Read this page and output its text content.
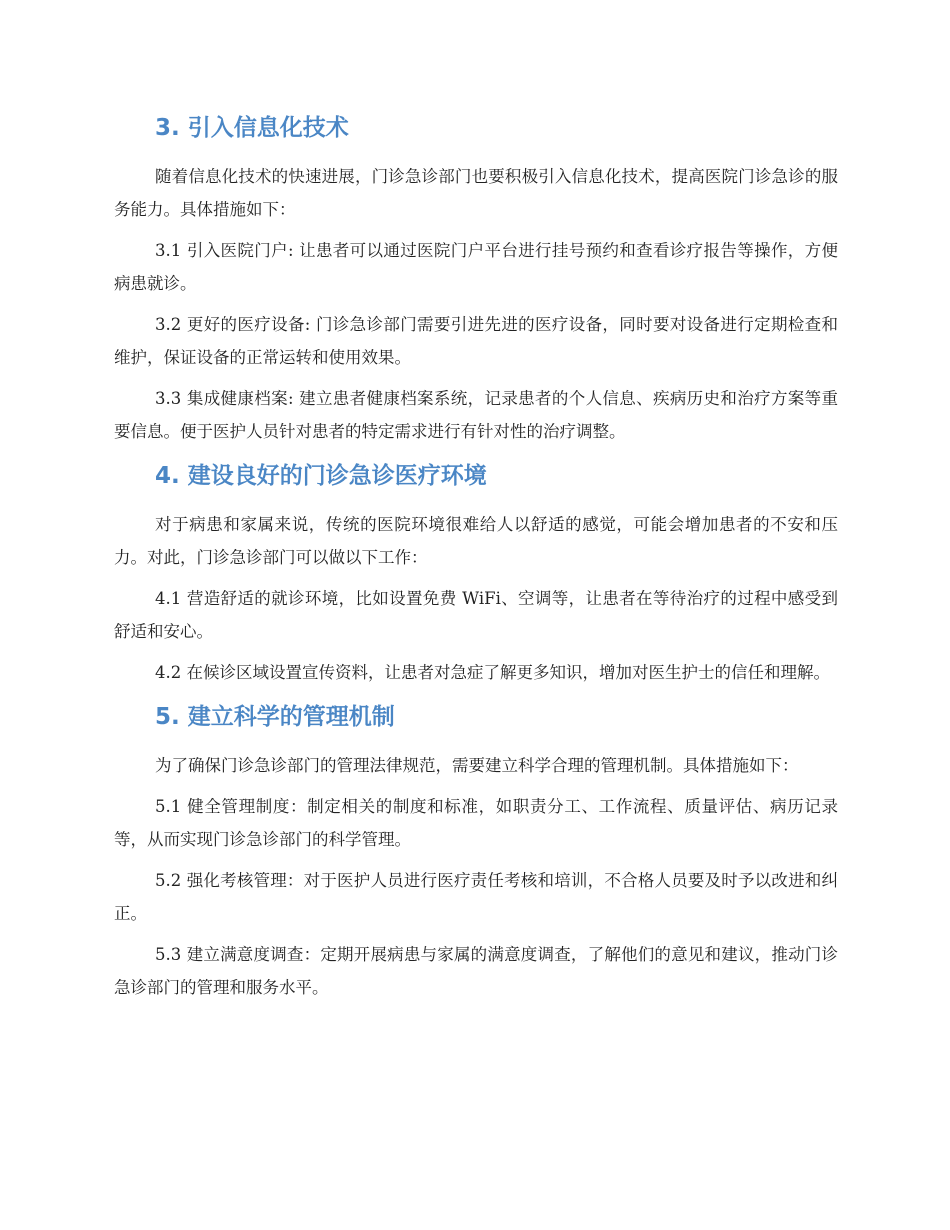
3. 引入信息化技术

随着信息化技术的快速进展，门诊急诊部门也要积极引入信息化技术，提高医院门诊急诊的服务能力。具体措施如下：

3.1 引入医院门户: 让患者可以通过医院门户平台进行挂号预约和查看诊疗报告等操作，方便病患就诊。

3.2 更好的医疗设备: 门诊急诊部门需要引进先进的医疗设备，同时要对设备进行定期检查和维护，保证设备的正常运转和使用效果。

3.3 集成健康档案: 建立患者健康档案系统，记录患者的个人信息、疾病历史和治疗方案等重要信息。便于医护人员针对患者的特定需求进行有针对性的治疗调整。

4. 建设良好的门诊急诊医疗环境

对于病患和家属来说，传统的医院环境很难给人以舒适的感觉，可能会增加患者的不安和压力。对此，门诊急诊部门可以做以下工作：

4.1 营造舒适的就诊环境，比如设置免费 WiFi、空调等，让患者在等待治疗的过程中感受到舒适和安心。

4.2 在候诊区域设置宣传资料，让患者对急症了解更多知识，增加对医生护士的信任和理解。

5. 建立科学的管理机制

为了确保门诊急诊部门的管理法律规范，需要建立科学合理的管理机制。具体措施如下：

5.1 健全管理制度：制定相关的制度和标准，如职责分工、工作流程、质量评估、病历记录等，从而实现门诊急诊部门的科学管理。

5.2 强化考核管理：对于医护人员进行医疗责任考核和培训，不合格人员要及时予以改进和纠正。

5.3 建立满意度调查：定期开展病患与家属的满意度调查，了解他们的意见和建议，推动门诊急诊部门的管理和服务水平。
